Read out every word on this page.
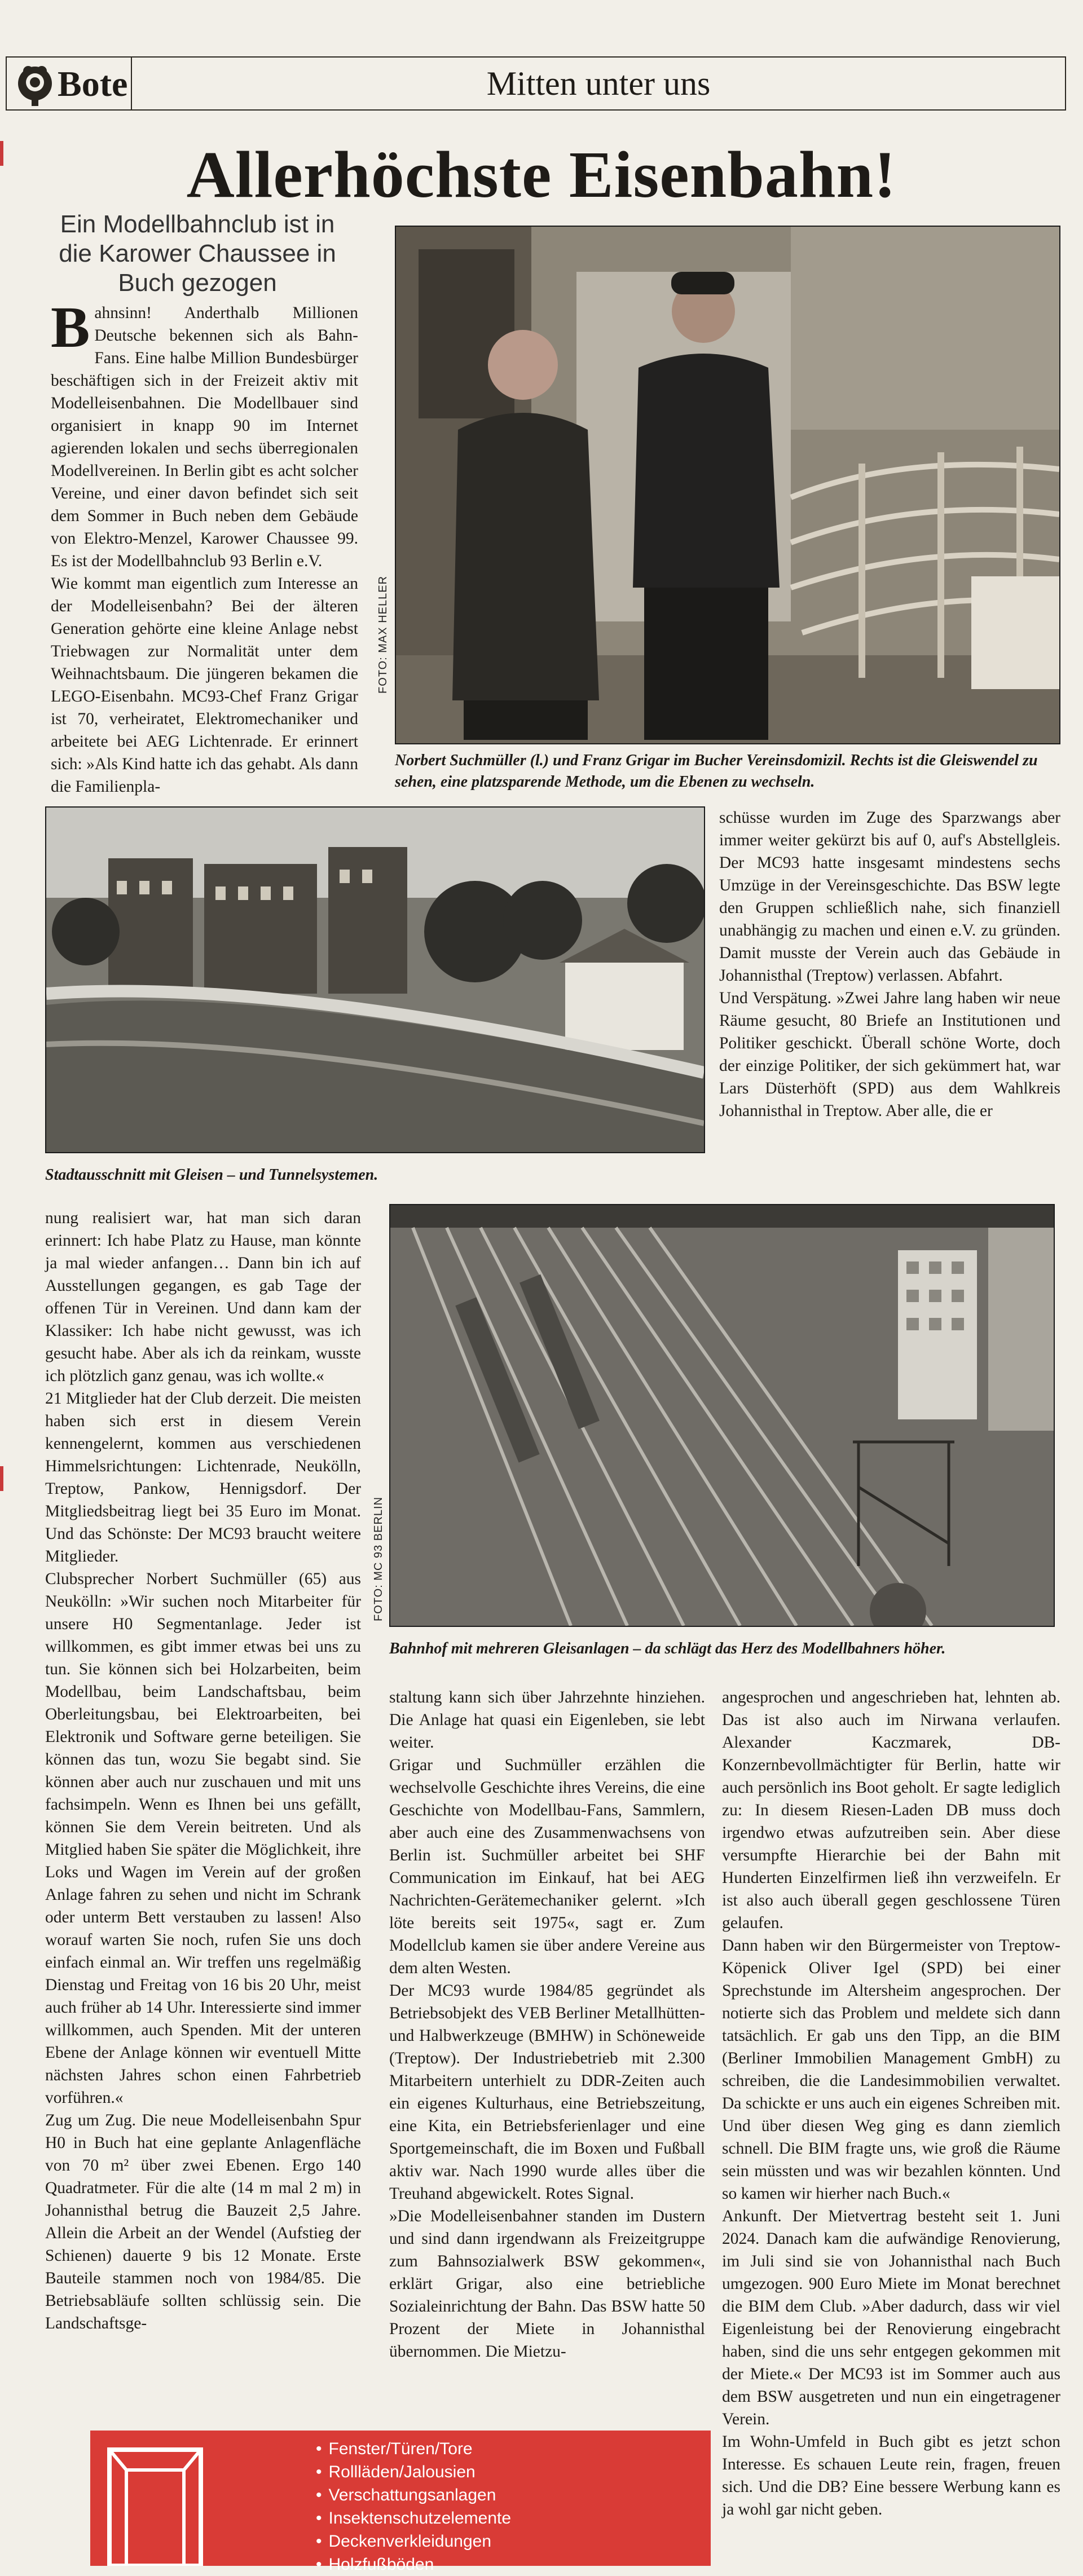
Bote	Mitten unter uns
Allerhöchste Eisenbahn!
Ein Modellbahnclub ist in die Karower Chaussee in Buch gezogen

Bahnsinn! Anderthalb Millionen Deutsche bekennen sich als Bahn-Fans. Eine halbe Million Bundesbürger beschäftigen sich in der Freizeit aktiv mit Modelleisenbahnen. Die Modellbauer sind organisiert in knapp 90 im Internet agierenden lokalen und sechs überregionalen Modellvereinen. In Berlin gibt es acht solcher Vereine, und einer davon befindet sich seit dem Sommer in Buch neben dem Gebäude von Elektro-Menzel, Karower Chaussee 99. Es ist der Modellbahnclub 93 Berlin e.V.

Wie kommt man eigentlich zum Interesse an der Modelleisenbahn? Bei der älteren Generation gehörte eine kleine Anlage nebst Triebwagen zur Normalität unter dem Weihnachtsbaum. Die jüngeren bekamen die LEGO-Eisenbahn. MC93-Chef Franz Grigar ist 70, verheiratet, Elektromechaniker und arbeitete bei AEG Lichtenrade. Er erinnert sich: »Als Kind hatte ich das gehabt. Als dann die Familienpla-

FOTO: MAX HELLER
Norbert Suchmüller (l.) und Franz Grigar im Bucher Vereinsdomizil. Rechts ist die Gleiswendel zu sehen, eine platzsparende Methode, um die Ebenen zu wechseln.
Stadtausschnitt mit Gleisen – und Tunnelsystemen.

schüsse wurden im Zuge des Sparzwangs aber immer weiter gekürzt bis auf 0, auf's Abstellgleis. Der MC93 hatte insgesamt mindestens sechs Umzüge in der Vereinsgeschichte. Das BSW legte den Gruppen schließlich nahe, sich finanziell unabhängig zu machen und einen e.V. zu gründen. Damit musste der Verein auch das Gebäude in Johannisthal (Treptow) verlassen. Abfahrt.

Und Verspätung. »Zwei Jahre lang haben wir neue Räume gesucht, 80 Briefe an Institutionen und Politiker geschickt. Überall schöne Worte, doch der einzige Politiker, der sich gekümmert hat, war Lars Düsterhöft (SPD) aus dem Wahlkreis Johannisthal in Treptow. Aber alle, die er

nung realisiert war, hat man sich daran erinnert: Ich habe Platz zu Hause, man könnte ja mal wieder anfangen… Dann bin ich auf Ausstellungen gegangen, es gab Tage der offenen Tür in Vereinen. Und dann kam der Klassiker: Ich habe nicht gewusst, was ich gesucht habe. Aber als ich da reinkam, wusste ich plötzlich ganz genau, was ich wollte.«

21 Mitglieder hat der Club derzeit. Die meisten haben sich erst in diesem Verein kennengelernt, kommen aus verschiedenen Himmelsrichtungen: Lichtenrade, Neukölln, Treptow, Pankow, Hennigsdorf. Der Mitgliedsbeitrag liegt bei 35 Euro im Monat. Und das Schönste: Der MC93 braucht weitere Mitglieder.

Clubsprecher Norbert Suchmüller (65) aus Neukölln: »Wir suchen noch Mitarbeiter für unsere H0 Segmentanlage. Jeder ist willkommen, es gibt immer etwas bei uns zu tun. Sie können sich bei Holzarbeiten, beim Modellbau, beim Landschaftsbau, beim Oberleitungsbau, bei Elektroarbeiten, bei Elektronik und Software gerne beteiligen. Sie können das tun, wozu Sie begabt sind. Sie können aber auch nur zuschauen und mit uns fachsimpeln. Wenn es Ihnen bei uns gefällt, können Sie dem Verein beitreten. Und als Mitglied haben Sie später die Möglichkeit, ihre Loks und Wagen im Verein auf der großen Anlage fahren zu sehen und nicht im Schrank oder unterm Bett verstauben zu lassen! Also worauf warten Sie noch, rufen Sie uns doch einfach einmal an. Wir treffen uns regelmäßig Dienstag und Freitag von 16 bis 20 Uhr, meist auch früher ab 14 Uhr. Interessierte sind immer willkommen, auch Spenden. Mit der unteren Ebene der Anlage können wir eventuell Mitte nächsten Jahres schon einen Fahrbetrieb vorführen.«

Zug um Zug. Die neue Modelleisenbahn Spur H0 in Buch hat eine geplante Anlagenfläche von 70 m² über zwei Ebenen. Ergo 140 Quadratmeter. Für die alte (14 m mal 2 m) in Johannisthal betrug die Bauzeit 2,5 Jahre. Allein die Arbeit an der Wendel (Aufstieg der Schienen) dauerte 9 bis 12 Monate. Erste Bauteile stammen noch von 1984/85. Die Betriebsabläufe sollten schlüssig sein. Die Landschaftsge-

FOTO: MC 93 BERLIN
Bahnhof mit mehreren Gleisanlagen – da schlägt das Herz des Modellbahners höher.

staltung kann sich über Jahrzehnte hinziehen. Die Anlage hat quasi ein Eigenleben, sie lebt weiter.

Grigar und Suchmüller erzählen die wechselvolle Geschichte ihres Vereins, die eine Geschichte von Modellbau-Fans, Sammlern, aber auch eine des Zusammenwachsens von Berlin ist. Suchmüller arbeitet bei SHF Communication im Einkauf, hat bei AEG Nachrichten-Gerätemechaniker gelernt. »Ich löte bereits seit 1975«, sagt er. Zum Modellclub kamen sie über andere Vereine aus dem alten Westen.

Der MC93 wurde 1984/85 gegründet als Betriebsobjekt des VEB Berliner Metallhütten- und Halbwerkzeuge (BMHW) in Schöneweide (Treptow). Der Industriebetrieb mit 2.300 Mitarbeitern unterhielt zu DDR-Zeiten auch ein eigenes Kulturhaus, eine Betriebszeitung, eine Kita, ein Betriebsferienlager und eine Sportgemeinschaft, die im Boxen und Fußball aktiv war. Nach 1990 wurde alles über die Treuhand abgewickelt. Rotes Signal.

»Die Modelleisenbahner standen im Dustern und sind dann irgendwann als Freizeitgruppe zum Bahnsozialwerk BSW gekommen«, erklärt Grigar, also eine betriebliche Sozialeinrichtung der Bahn. Das BSW hatte 50 Prozent der Miete in Johannisthal übernommen. Die Mietzu-

angesprochen und angeschrieben hat, lehnten ab. Das ist also auch im Nirwana verlaufen. Alexander Kaczmarek, DB-Konzernbevollmächtigter für Berlin, hatte wir auch persönlich ins Boot geholt. Er sagte lediglich zu: In diesem Riesen-Laden DB muss doch irgendwo etwas aufzutreiben sein. Aber diese versumpfte Hierarchie bei der Bahn mit Hunderten Einzelfirmen ließ ihn verzweifeln. Er ist also auch überall gegen geschlossene Türen gelaufen.

Dann haben wir den Bürgermeister von Treptow-Köpenick Oliver Igel (SPD) bei einer Sprechstunde im Altersheim angesprochen. Der notierte sich das Problem und meldete sich dann tatsächlich. Er gab uns den Tipp, an die BIM (Berliner Immobilien Management GmbH) zu schreiben, die die Landesimmobilien verwaltet. Da schickte er uns auch ein eigenes Schreiben mit. Und über diesen Weg ging es dann ziemlich schnell. Die BIM fragte uns, wie groß die Räume sein müssten und was wir bezahlen könnten. Und so kamen wir hierher nach Buch.«

Ankunft. Der Mietvertrag besteht seit 1. Juni 2024. Danach kam die aufwändige Renovierung, im Juli sind sie von Johannisthal nach Buch umgezogen. 900 Euro Miete im Monat berechnet die BIM dem Club. »Aber dadurch, dass wir viel Eigenleistung bei der Renovierung eingebracht haben, sind die uns sehr entgegen gekommen mit der Miete.« Der MC93 ist im Sommer auch aus dem BSW ausgetreten und nun ein eingetragener Verein.

Im Wohn-Umfeld in Buch gibt es jetzt schon Interesse. Es schauen Leute rein, fragen, freuen sich. Und die DB? Eine bessere Werbung kann es ja wohl gar nicht geben.

• Fenster/Türen/Tore
• Rollläden/Jalousien
• Verschattungsanlagen
• Insektenschutzelemente
• Deckenverkleidungen
• Holzfußböden
